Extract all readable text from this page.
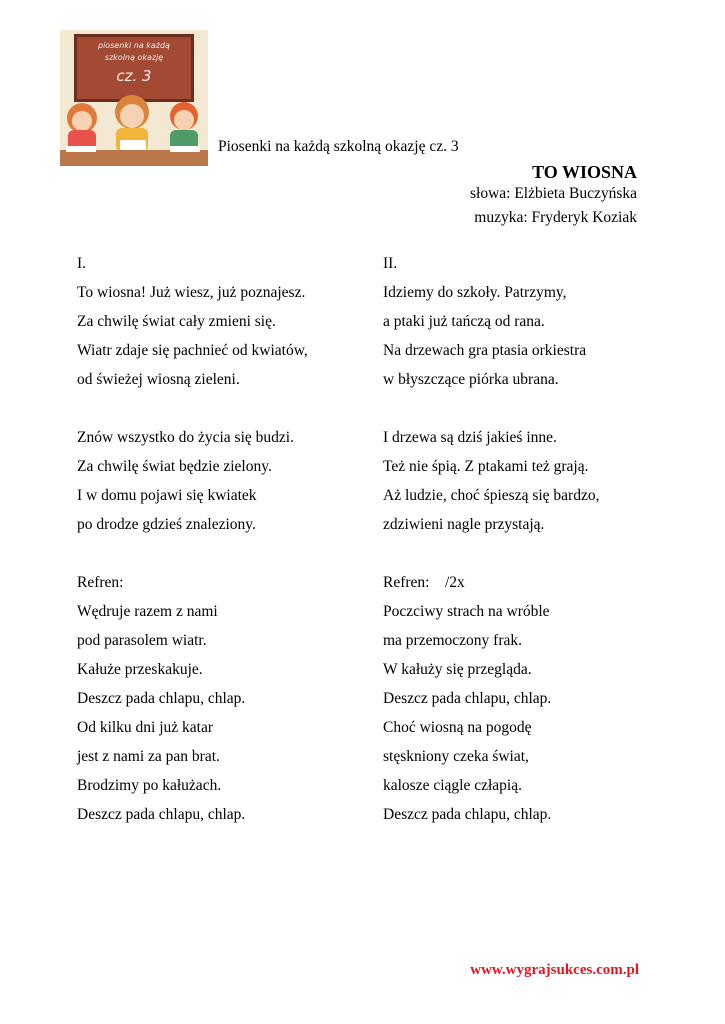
piosenki na każdą
szkolną okazję
cz. 3
Piosenki na każdą szkolną okazję cz. 3
TO WIOSNA
słowa: Elżbieta Buczyńska
muzyka: Fryderyk Koziak
I.
To wiosna! Już wiesz, już poznajesz.
Za chwilę świat cały zmieni się.
Wiatr zdaje się pachnieć od kwiatów,
od świeżej wiosną zieleni.
Znów wszystko do życia się budzi.
Za chwilę świat będzie zielony.
I w domu pojawi się kwiatek
po drodze gdzieś znaleziony.
Refren:
Wędruje razem z nami
pod parasolem wiatr.
Kałuże przeskakuje.
Deszcz pada chlapu, chlap.
Od kilku dni już katar
jest z nami za pan brat.
Brodzimy po kałużach.
Deszcz pada chlapu, chlap.
II.
Idziemy do szkoły. Patrzymy,
a ptaki już tańczą od rana.
Na drzewach gra ptasia orkiestra
w błyszczące piórka ubrana.
I drzewa są dziś jakieś inne.
Też nie śpią. Z ptakami też grają.
Aż ludzie, choć śpieszą się bardzo,
zdziwieni nagle przystają.
Refren:    /2x
Poczciwy strach na wróble
ma przemoczony frak.
W kałuży się przegląda.
Deszcz pada chlapu, chlap.
Choć wiosną na pogodę
stęskniony czeka świat,
kalosze ciągle człapią.
Deszcz pada chlapu, chlap.
www.wygrajsukces.com.pl
